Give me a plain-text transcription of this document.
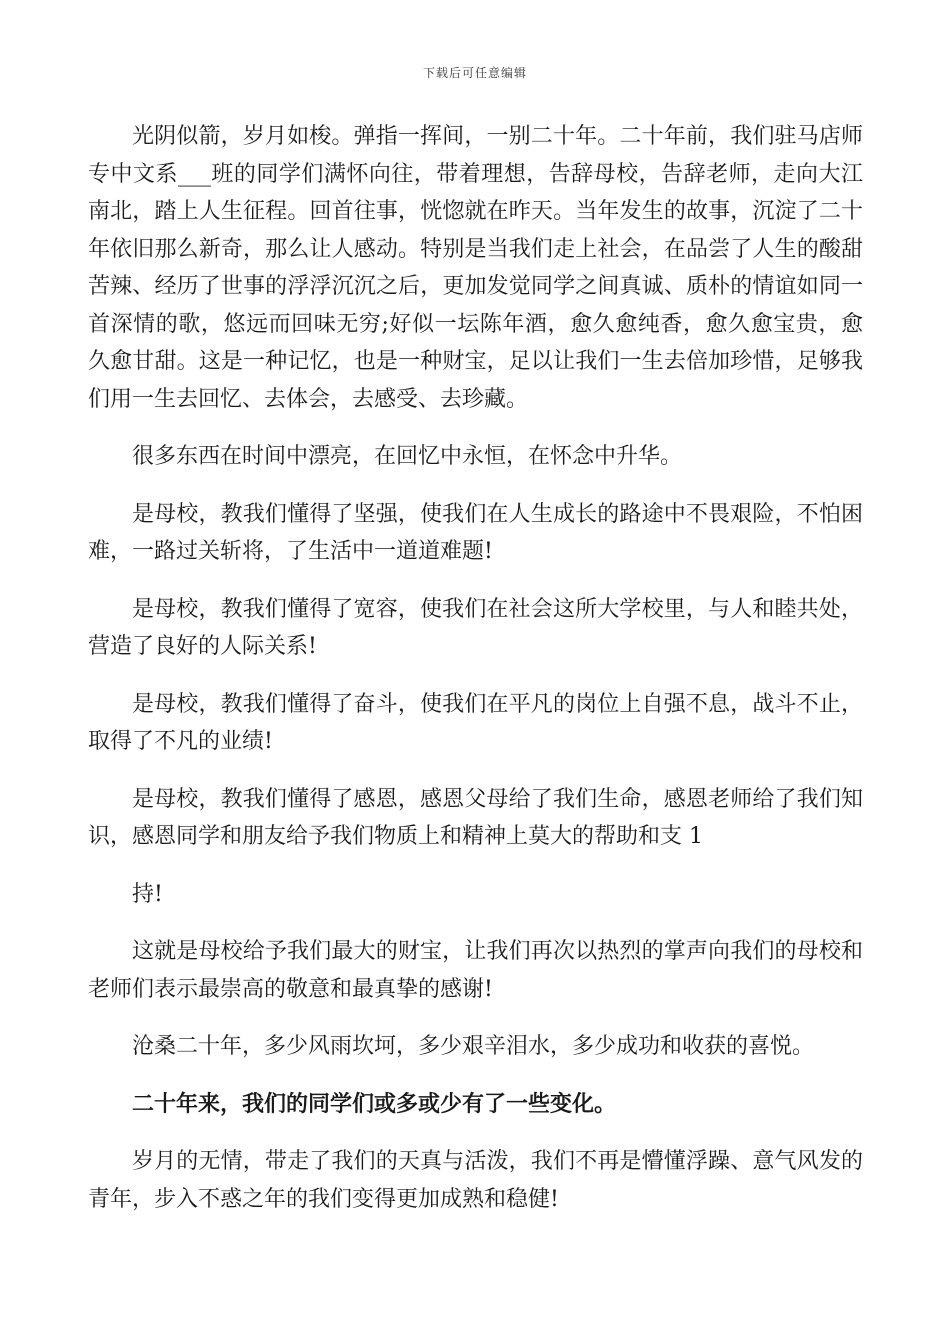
下载后可任意编辑

光阴似箭，岁月如梭。弹指一挥间，一别二十年。二十年前，我们驻马店师专中文系___班的同学们满怀向往，带着理想，告辞母校，告辞老师，走向大江南北，踏上人生征程。回首往事，恍惚就在昨天。当年发生的故事，沉淀了二十年依旧那么新奇，那么让人感动。特别是当我们走上社会，在品尝了人生的酸甜苦辣、经历了世事的浮浮沉沉之后，更加发觉同学之间真诚、质朴的情谊如同一首深情的歌，悠远而回味无穷;好似一坛陈年酒，愈久愈纯香，愈久愈宝贵，愈久愈甘甜。这是一种记忆，也是一种财宝，足以让我们一生去倍加珍惜，足够我们用一生去回忆、去体会，去感受、去珍藏。

很多东西在时间中漂亮，在回忆中永恒，在怀念中升华。

是母校，教我们懂得了坚强，使我们在人生成长的路途中不畏艰险，不怕困难，一路过关斩将，了生活中一道道难题!

是母校，教我们懂得了宽容，使我们在社会这所大学校里，与人和睦共处，营造了良好的人际关系!

是母校，教我们懂得了奋斗，使我们在平凡的岗位上自强不息，战斗不止，取得了不凡的业绩!

是母校，教我们懂得了感恩，感恩父母给了我们生命，感恩老师给了我们知识，感恩同学和朋友给予我们物质上和精神上莫大的帮助和支 1

持!

这就是母校给予我们最大的财宝，让我们再次以热烈的掌声向我们的母校和老师们表示最崇高的敬意和最真挚的感谢!

沧桑二十年，多少风雨坎坷，多少艰辛泪水，多少成功和收获的喜悦。

二十年来，我们的同学们或多或少有了一些变化。

岁月的无情，带走了我们的天真与活泼，我们不再是懵懂浮躁、意气风发的青年，步入不惑之年的我们变得更加成熟和稳健!
